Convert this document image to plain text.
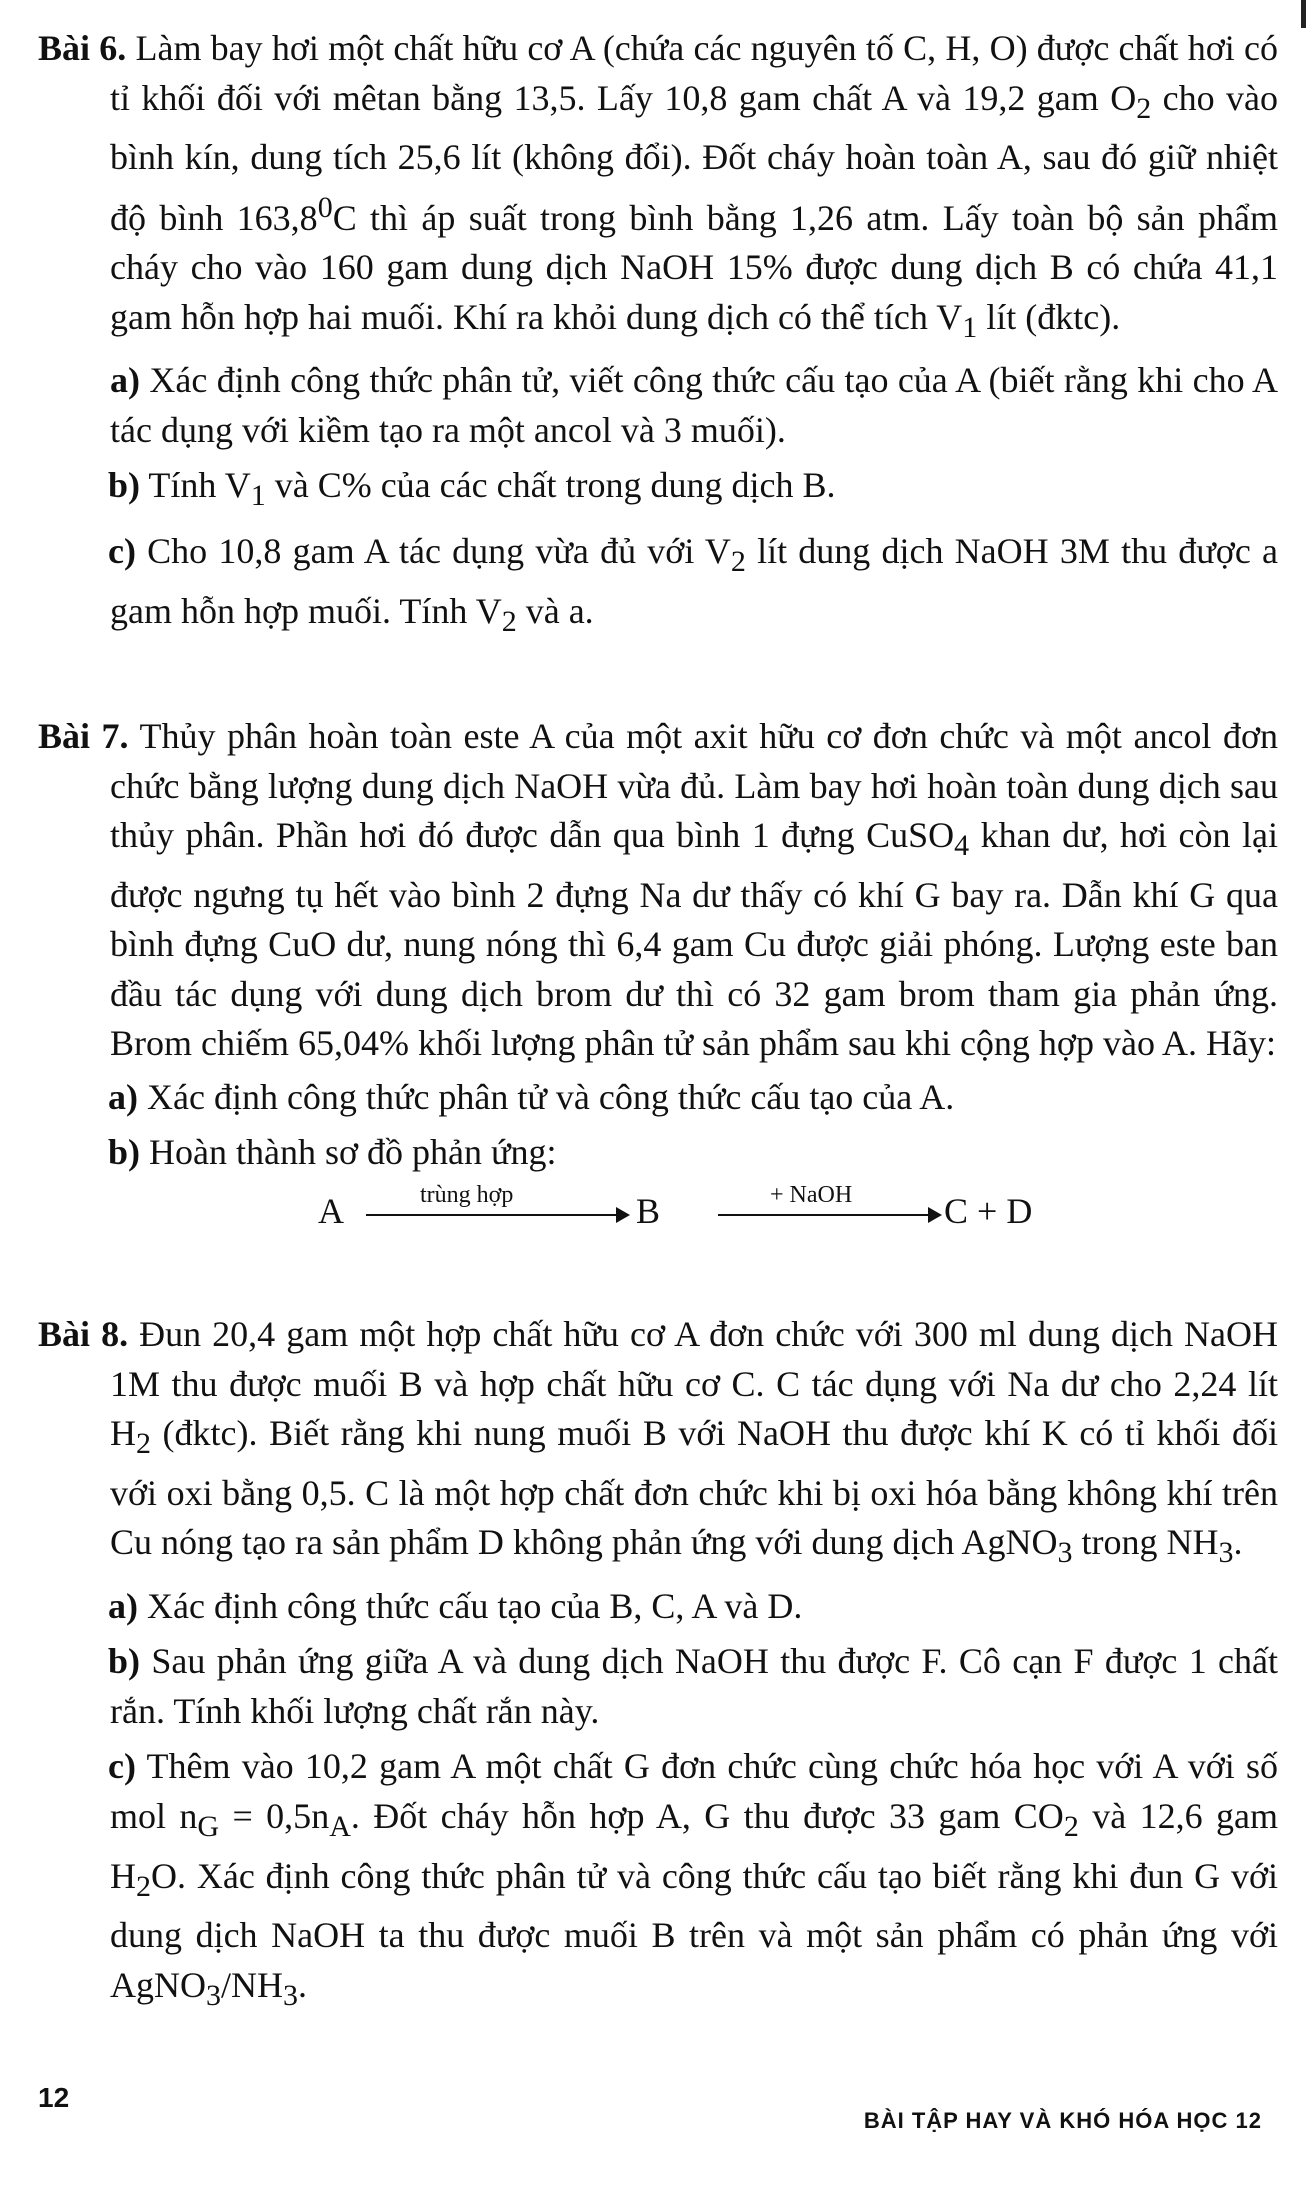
Bài 6. Làm bay hơi một chất hữu cơ A (chứa các nguyên tố C, H, O) được chất hơi có tỉ khối đối với mêtan bằng 13,5. Lấy 10,8 gam chất A và 19,2 gam $O_2$ cho vào bình kín, dung tích 25,6 lít (không đổi). Đốt cháy hoàn toàn A, sau đó giữ nhiệt độ bình 163,8$^0$C thì áp suất trong bình bằng 1,26 atm. Lấy toàn bộ sản phẩm cháy cho vào 160 gam dung dịch NaOH 15% được dung dịch B có chứa 41,1 gam hỗn hợp hai muối. Khí ra khỏi dung dịch có thể tích $V_1$ lít (đktc).

a) Xác định công thức phân tử, viết công thức cấu tạo của A (biết rằng khi cho A tác dụng với kiềm tạo ra một ancol và 3 muối).

b) Tính $V_1$ và C% của các chất trong dung dịch B.

c) Cho 10,8 gam A tác dụng vừa đủ với $V_2$ lít dung dịch NaOH 3M thu được a gam hỗn hợp muối. Tính $V_2$ và a.

Bài 7. Thủy phân hoàn toàn este A của một axit hữu cơ đơn chức và một ancol đơn chức bằng lượng dung dịch NaOH vừa đủ. Làm bay hơi hoàn toàn dung dịch sau thủy phân. Phần hơi đó được dẫn qua bình 1 đựng CuSO$_4$ khan dư, hơi còn lại được ngưng tụ hết vào bình 2 đựng Na dư thấy có khí G bay ra. Dẫn khí G qua bình đựng CuO dư, nung nóng thì 6,4 gam Cu được giải phóng. Lượng este ban đầu tác dụng với dung dịch brom dư thì có 32 gam brom tham gia phản ứng. Brom chiếm 65,04% khối lượng phân tử sản phẩm sau khi cộng hợp vào A. Hãy:

a) Xác định công thức phân tử và công thức cấu tạo của A.

b) Hoàn thành sơ đồ phản ứng:

A	trùng hợp	B	+ NaOH	C + D

Bài 8. Đun 20,4 gam một hợp chất hữu cơ A đơn chức với 300 ml dung dịch NaOH 1M thu được muối B và hợp chất hữu cơ C. C tác dụng với Na dư cho 2,24 lít $H_2$ (đktc). Biết rằng khi nung muối B với NaOH thu được khí K có tỉ khối đối với oxi bằng 0,5. C là một hợp chất đơn chức khi bị oxi hóa bằng không khí trên Cu nóng tạo ra sản phẩm D không phản ứng với dung dịch AgNO$_3$ trong $NH_3$.

a) Xác định công thức cấu tạo của B, C, A và D.

b) Sau phản ứng giữa A và dung dịch NaOH thu được F. Cô cạn F được 1 chất rắn. Tính khối lượng chất rắn này.

c) Thêm vào 10,2 gam A một chất G đơn chức cùng chức hóa học với A với số mol $n_G = 0,5n_A$. Đốt cháy hỗn hợp A, G thu được 33 gam $CO_2$ và 12,6 gam $H_2O$. Xác định công thức phân tử và công thức cấu tạo biết rằng khi đun G với dung dịch NaOH ta thu được muối B trên và một sản phẩm có phản ứng với $AgNO_3/NH_3$.

12
BÀI TẬP HAY VÀ KHÓ HÓA HỌC 12
